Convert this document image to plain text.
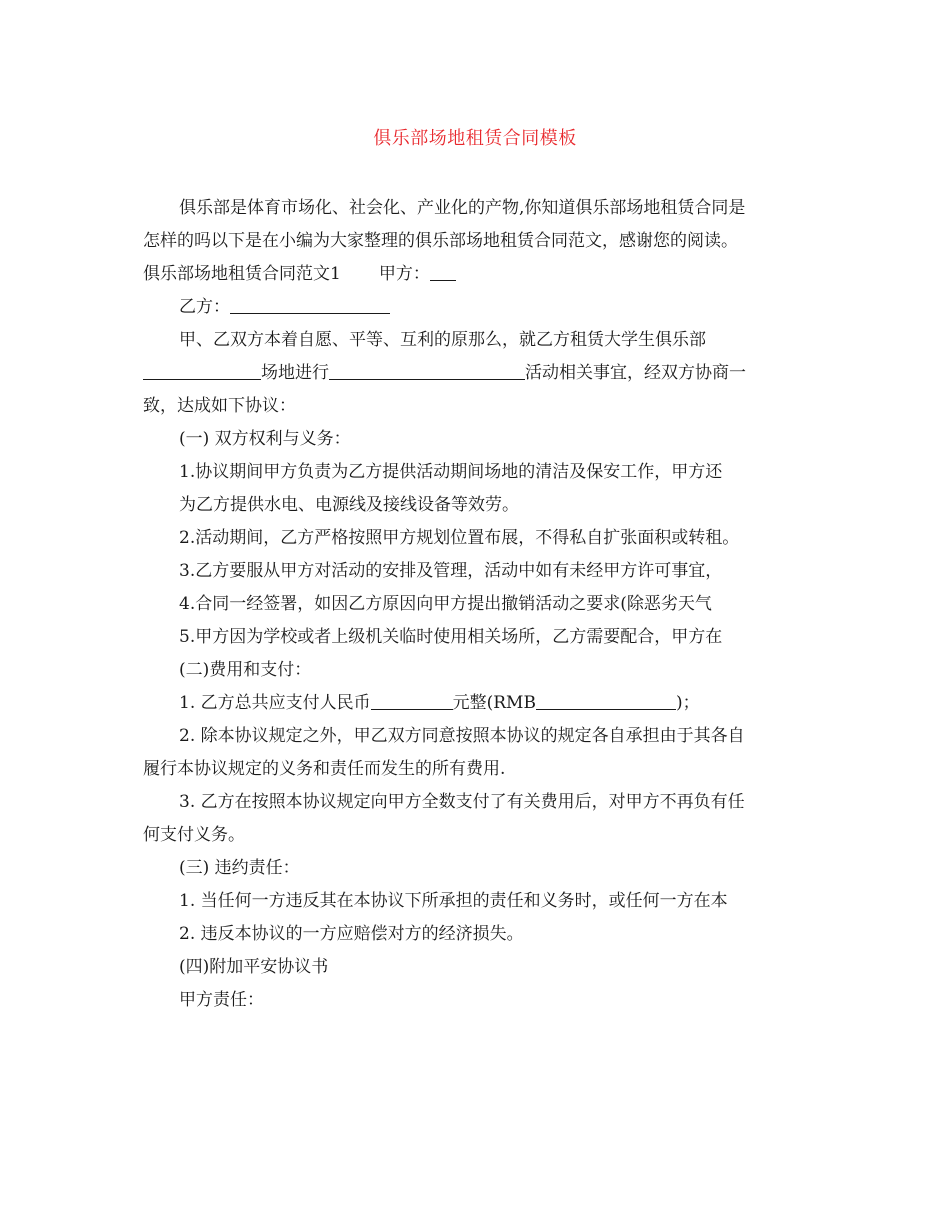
俱乐部场地租赁合同模板

俱乐部是体育市场化、社会化、产业化的产物,你知道俱乐部场地租赁合同是

怎样的吗以下是在小编为大家整理的俱乐部场地租赁合同范文，感谢您的阅读。

俱乐部场地租赁合同范文1 甲方：

乙方：

甲、乙双方本着自愿、平等、互利的原那么，就乙方租赁大学生俱乐部

场地进行	活动相关事宜，经双方协商一

致，达成如下协议：

(一) 双方权利与义务：

1.协议期间甲方负责为乙方提供活动期间场地的清洁及保安工作，甲方还

为乙方提供水电、电源线及接线设备等效劳。

2.活动期间，乙方严格按照甲方规划位置布展，不得私自扩张面积或转租。

3.乙方要服从甲方对活动的安排及管理，活动中如有未经甲方许可事宜，

4.合同一经签署，如因乙方原因向甲方提出撤销活动之要求(除恶劣天气

5.甲方因为学校或者上级机关临时使用相关场所，乙方需要配合，甲方在

(二)费用和支付：

1. 乙方总共应支付人民币	元整(RMB	)；

2. 除本协议规定之外，甲乙双方同意按照本协议的规定各自承担由于其各自

履行本协议规定的义务和责任而发生的所有费用.

3. 乙方在按照本协议规定向甲方全数支付了有关费用后，对甲方不再负有任

何支付义务。

(三) 违约责任：

1. 当任何一方违反其在本协议下所承担的责任和义务时，或任何一方在本

2. 违反本协议的一方应赔偿对方的经济损失。

(四)附加平安协议书

甲方责任：
